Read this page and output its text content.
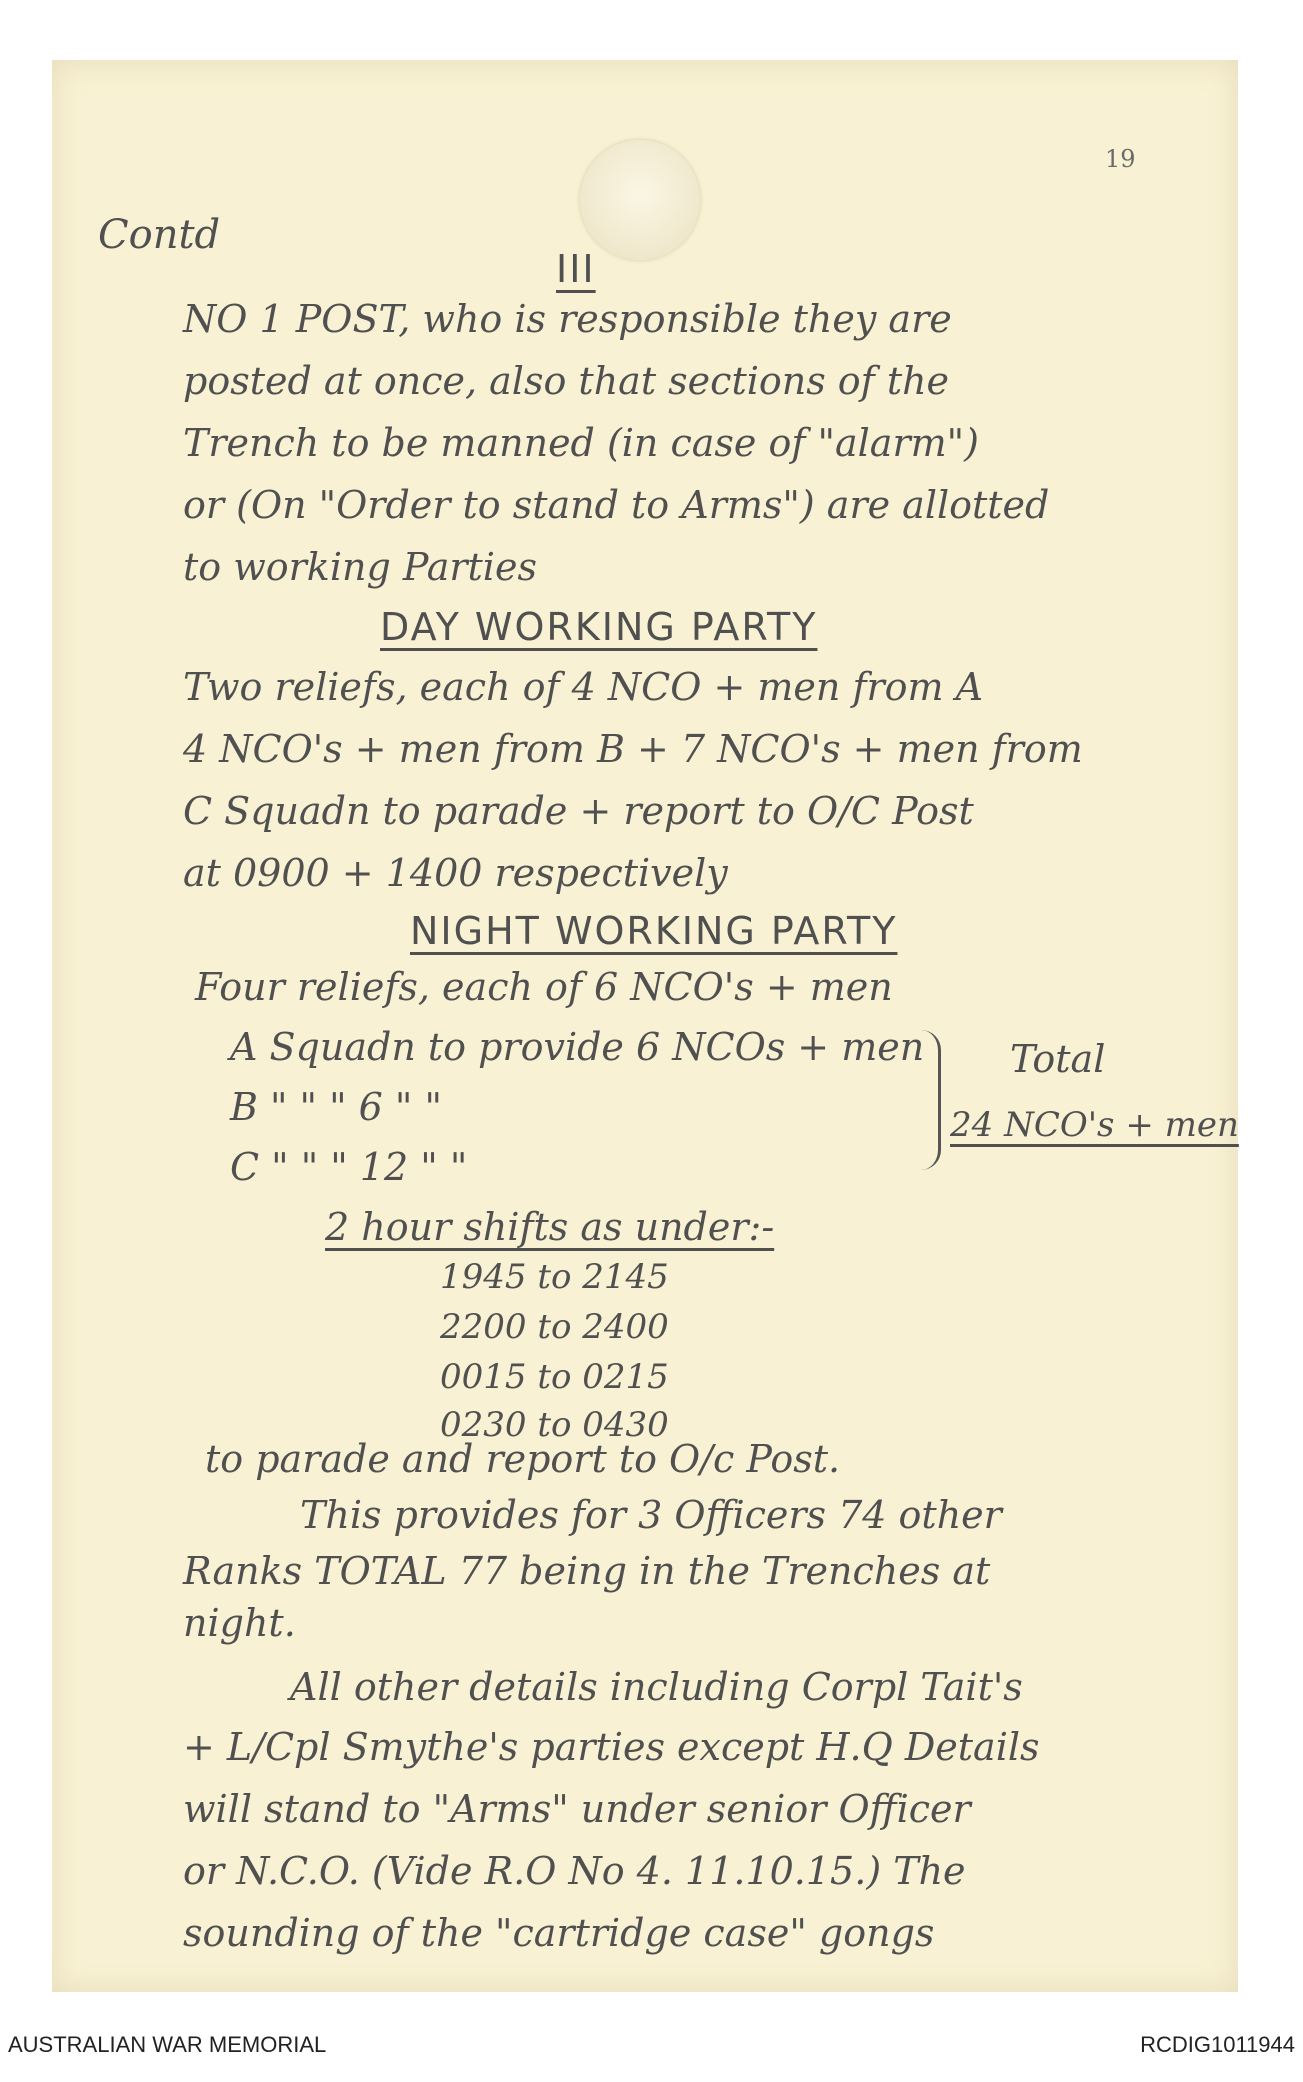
19
Contd
III
NO 1 POST, who is responsible they are
posted at once, also that sections of the
Trench to be manned (in case of "alarm")
or (On "Order to stand to Arms") are allotted
to working Parties
DAY WORKING PARTY
Two reliefs, each of 4 NCO + men from A
4 NCO's + men from B + 7 NCO's + men from
C Squadn to parade + report to O/C Post
at 0900 + 1400 respectively
NIGHT WORKING PARTY
Four reliefs, each of 6 NCO's + men
A Squadn to provide 6 NCOs + men
B " " " 6 " "
C " " " 12 " "
Total
24 NCO's + men
2 hour shifts as under:-
1945 to 2145
2200 to 2400
0015 to 0215
0230 to 0430
to parade and report to O/c Post.
This provides for 3 Officers 74 other
Ranks TOTAL 77 being in the Trenches at
night.
All other details including Corpl Tait's
+ L/Cpl Smythe's parties except H.Q Details
will stand to "Arms" under senior Officer
or N.C.O. (Vide R.O No 4. 11.10.15.) The
sounding of the "cartridge case" gongs
AUSTRALIAN WAR MEMORIAL	RCDIG1011944
